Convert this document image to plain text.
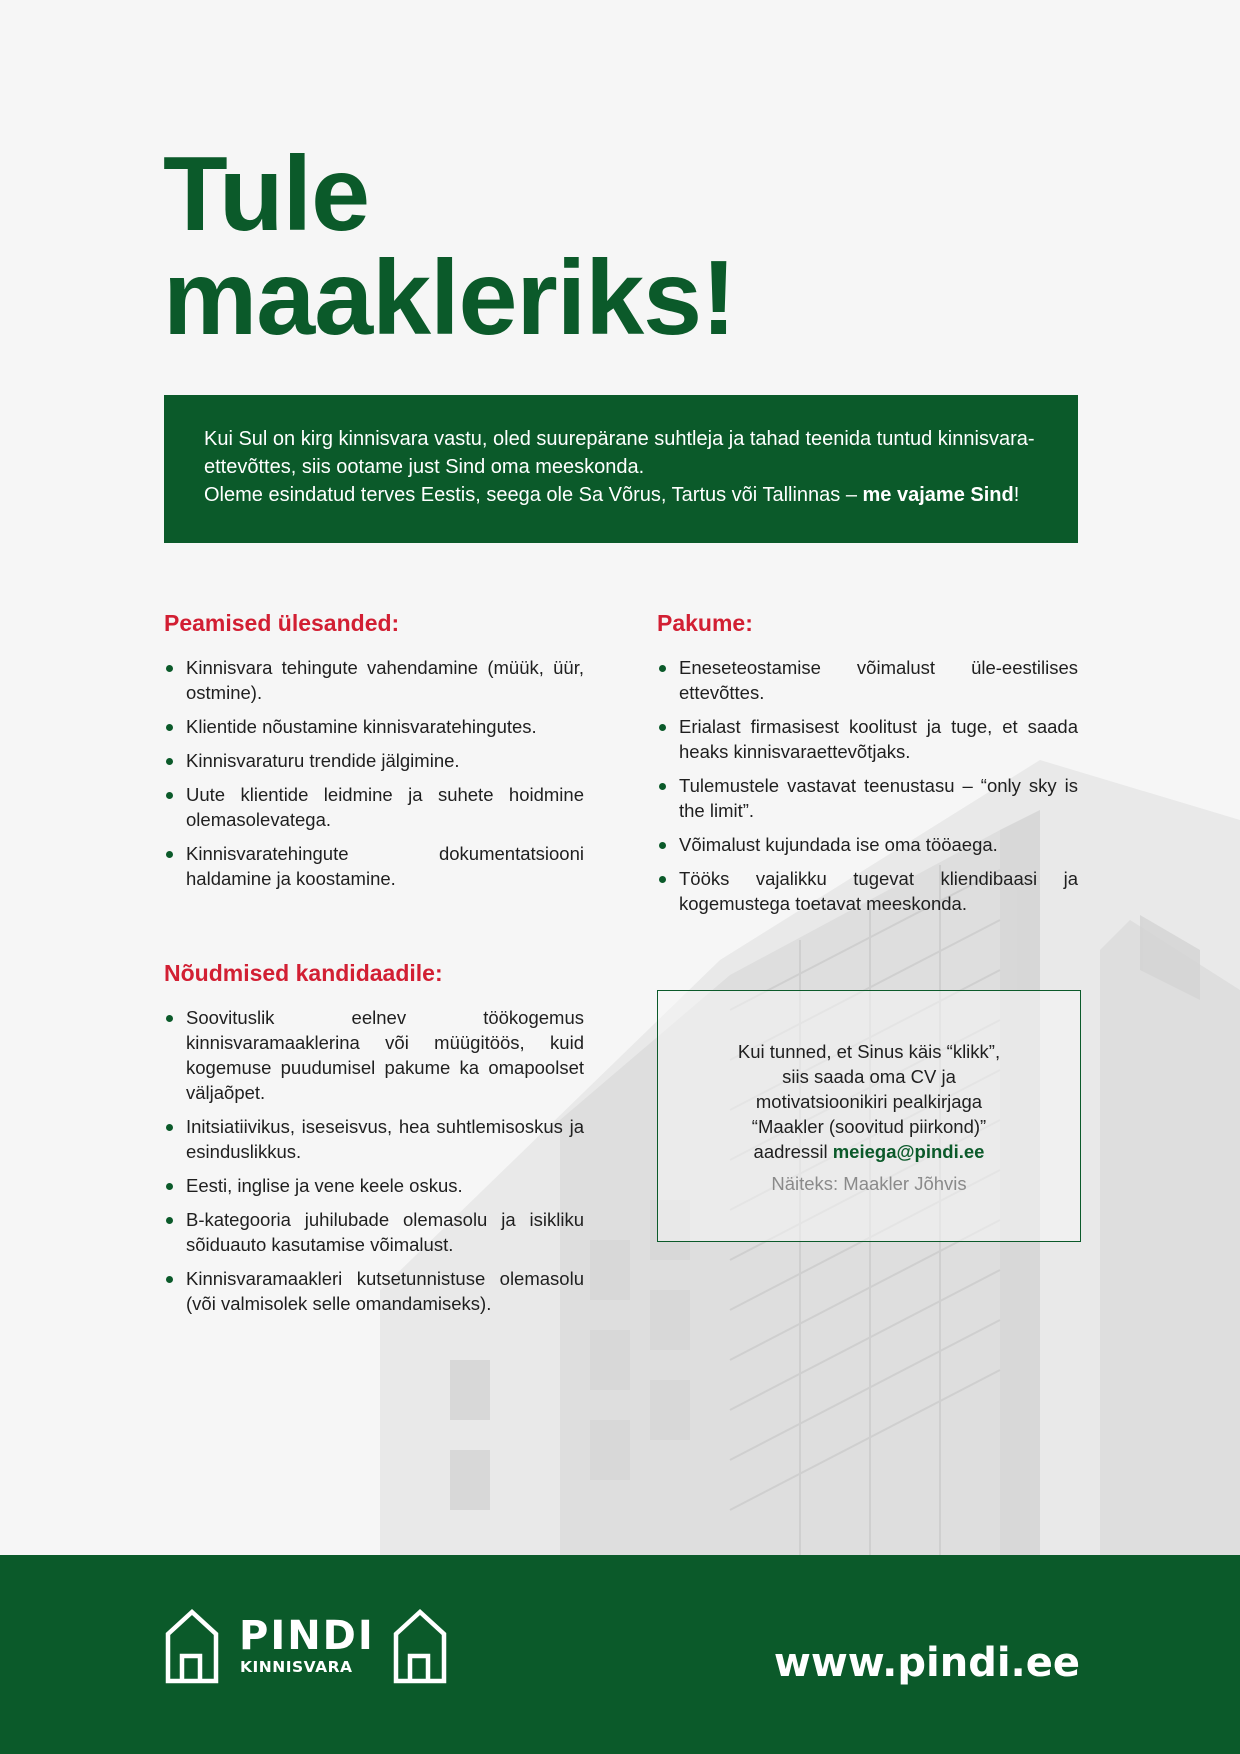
Tule
maakleriks!

Kui Sul on kirg kinnisvara vastu, oled suurepärane suhtleja ja tahad teenida tuntud kinnisvara-ettevõttes, siis ootame just Sind oma meeskonda.

Oleme esindatud terves Eestis, seega ole Sa Võrus, Tartus või Tallinnas – me vajame Sind!

Peamised ülesanded:
Kinnisvara tehingute vahendamine (müük, üür, ostmine).
Klientide nõustamine kinnisvaratehingutes.
Kinnisvaraturu trendide jälgimine.
Uute klientide leidmine ja suhete hoidmine olemasolevatega.
Kinnisvaratehingute dokumentatsiooni haldamine ja koostamine.
Pakume:
Eneseteostamise võimalust üle-eestilises ettevõttes.
Erialast firmasisest koolitust ja tuge, et saada heaks kinnisvaraettevõtjaks.
Tulemustele vastavat teenustasu – “only sky is the limit”.
Võimalust kujundada ise oma tööaega.
Tööks vajalikku tugevat kliendibaasi ja kogemustega toetavat meeskonda.
Nõudmised kandidaadile:
Soovituslik eelnev töökogemus kinnisvaramaaklerina või müügitöös, kuid kogemuse puudumisel pakume ka omapoolset väljaõpet.
Initsiatiivikus, iseseisvus, hea suhtlemisoskus ja esinduslikkus.
Eesti, inglise ja vene keele oskus.
B-kategooria juhilubade olemasolu ja isikliku sõiduauto kasutamise võimalust.
Kinnisvaramaakleri kutsetunnistuse olemasolu (või valmisolek selle omandamiseks).
Kui tunned, et Sinus käis “klikk”,
siis saada oma CV ja
motivatsioonikiri pealkirjaga
“Maakler (soovitud piirkond)”
aadressil meiega@pindi.ee
Näiteks: Maakler Jõhvis
PINDI
KINNISVARA	www.pindi.ee
